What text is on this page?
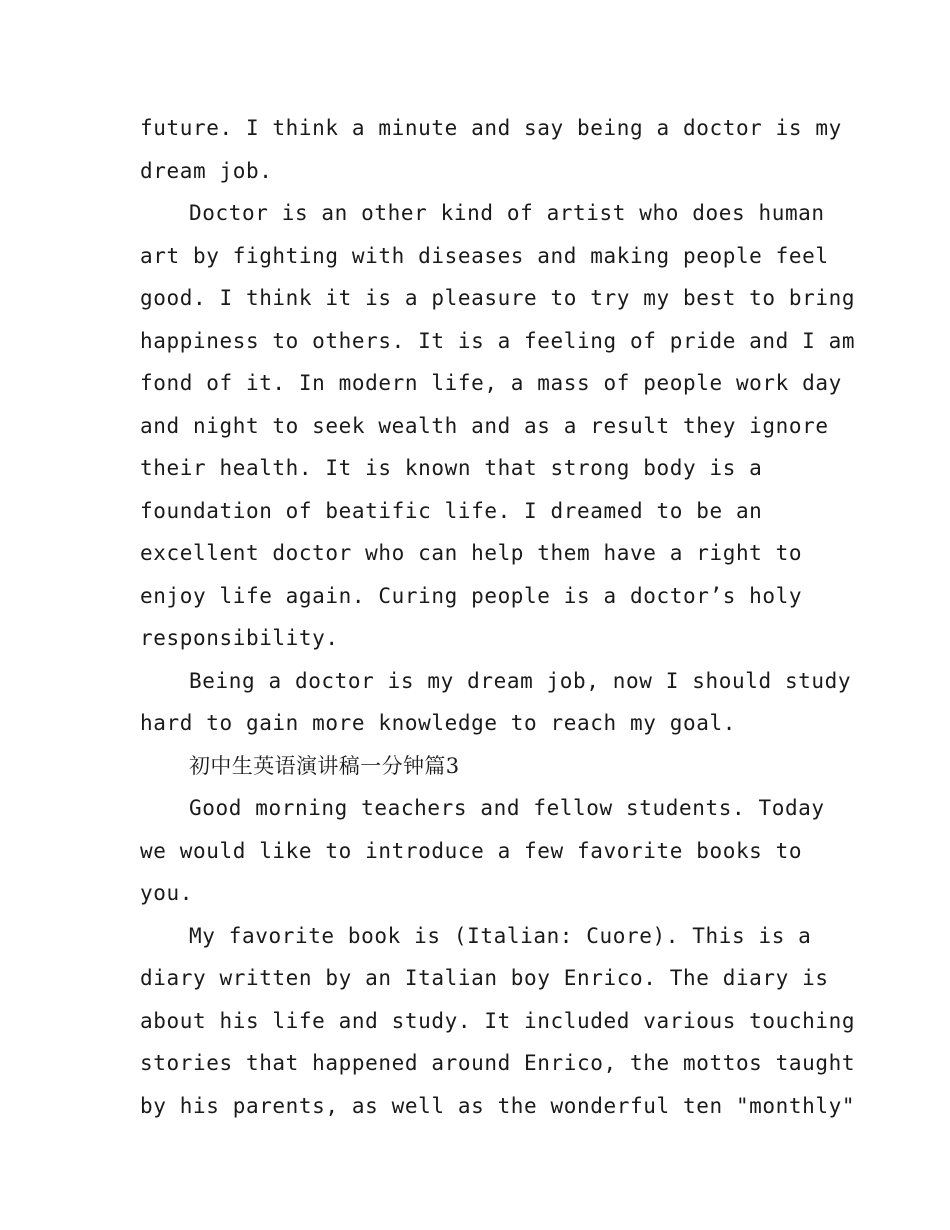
future. I think a minute and say being a doctor is my
dream job.
Doctor is an other kind of artist who does human
art by fighting with diseases and making people feel
good. I think it is a pleasure to try my best to bring
happiness to others. It is a feeling of pride and I am
fond of it. In modern life, a mass of people work day
and night to seek wealth and as a result they ignore
their health. It is known that strong body is a
foundation of beatific life. I dreamed to be an
excellent doctor who can help them have a right to
enjoy life again. Curing people is a doctor’s holy
responsibility.
Being a doctor is my dream job, now I should study
hard to gain more knowledge to reach my goal.
初中生英语演讲稿一分钟篇3
Good morning teachers and fellow students. Today
we would like to introduce a few favorite books to
you.
My favorite book is (Italian: Cuore). This is a
diary written by an Italian boy Enrico. The diary is
about his life and study. It included various touching
stories that happened around Enrico, the mottos taught
by his parents, as well as the wonderful ten "monthly"
